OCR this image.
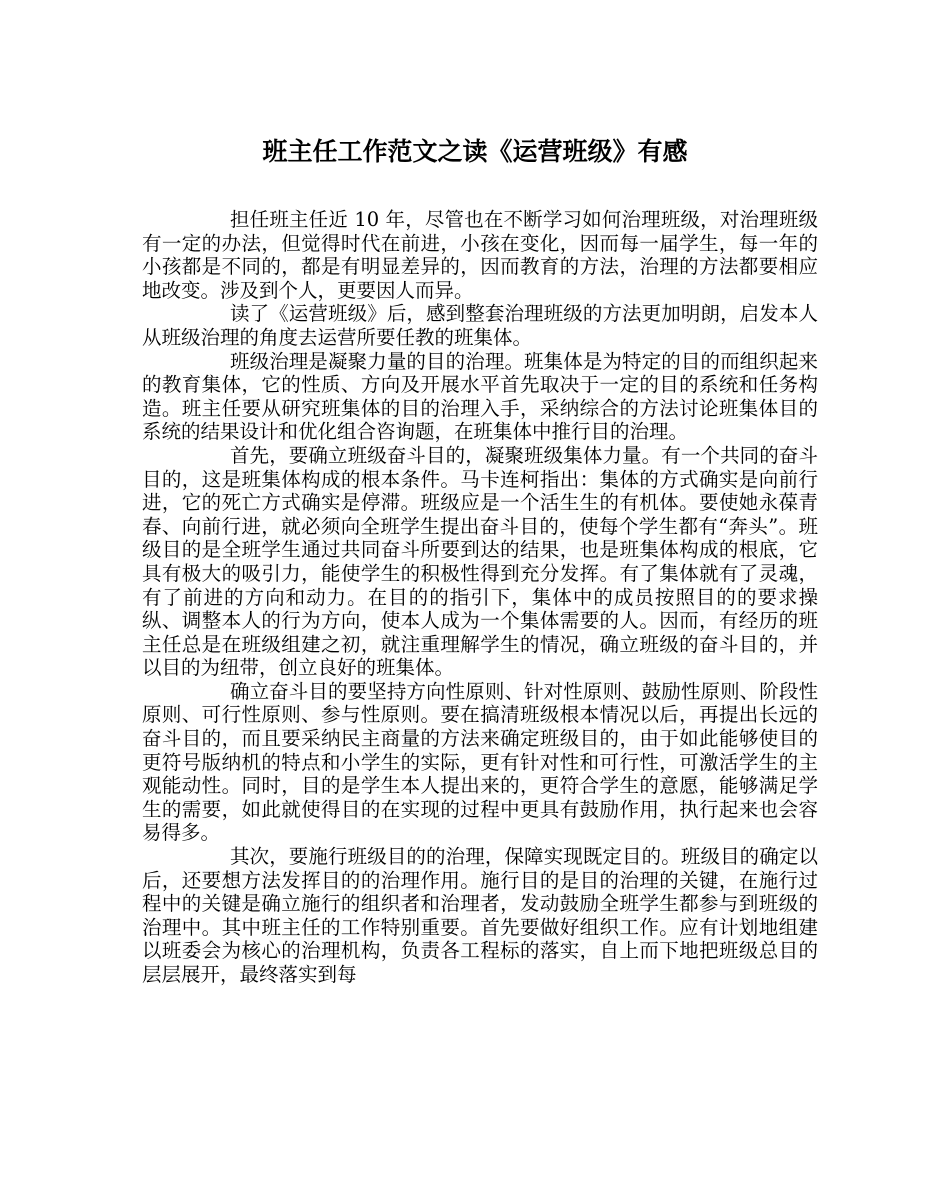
班主任工作范文之读《运营班级》有感

担任班主任近 10 年，尽管也在不断学习如何治理班级，对治理班级有一定的办法，但觉得时代在前进，小孩在变化，因而每一届学生，每一年的小孩都是不同的，都是有明显差异的，因而教育的方法，治理的方法都要相应地改变。涉及到个人，更要因人而异。

读了《运营班级》后，感到整套治理班级的方法更加明朗，启发本人从班级治理的角度去运营所要任教的班集体。

班级治理是凝聚力量的目的治理。班集体是为特定的目的而组织起来的教育集体，它的性质、方向及开展水平首先取决于一定的目的系统和任务构造。班主任要从研究班集体的目的治理入手，采纳综合的方法讨论班集体目的系统的结果设计和优化组合咨询题，在班集体中推行目的治理。

首先，要确立班级奋斗目的，凝聚班级集体力量。有一个共同的奋斗目的，这是班集体构成的根本条件。马卡连柯指出：集体的方式确实是向前行进，它的死亡方式确实是停滞。班级应是一个活生生的有机体。要使她永葆青春、向前行进，就必须向全班学生提出奋斗目的，使每个学生都有“奔头”。班级目的是全班学生通过共同奋斗所要到达的结果，也是班集体构成的根底，它具有极大的吸引力，能使学生的积极性得到充分发挥。有了集体就有了灵魂，有了前进的方向和动力。在目的的指引下，集体中的成员按照目的的要求操纵、调整本人的行为方向，使本人成为一个集体需要的人。因而，有经历的班主任总是在班级组建之初，就注重理解学生的情况，确立班级的奋斗目的，并以目的为纽带，创立良好的班集体。

确立奋斗目的要坚持方向性原则、针对性原则、鼓励性原则、阶段性原则、可行性原则、参与性原则。要在搞清班级根本情况以后，再提出长远的奋斗目的，而且要采纳民主商量的方法来确定班级目的，由于如此能够使目的更符号版纳机的特点和小学生的实际，更有针对性和可行性，可激活学生的主观能动性。同时，目的是学生本人提出来的，更符合学生的意愿，能够满足学生的需要，如此就使得目的在实现的过程中更具有鼓励作用，执行起来也会容易得多。

其次，要施行班级目的的治理，保障实现既定目的。班级目的确定以后，还要想方法发挥目的的治理作用。施行目的是目的治理的关键，在施行过程中的关键是确立施行的组织者和治理者，发动鼓励全班学生都参与到班级的治理中。其中班主任的工作特别重要。首先要做好组织工作。应有计划地组建以班委会为核心的治理机构，负责各工程标的落实，自上而下地把班级总目的层层展开，最终落实到每
